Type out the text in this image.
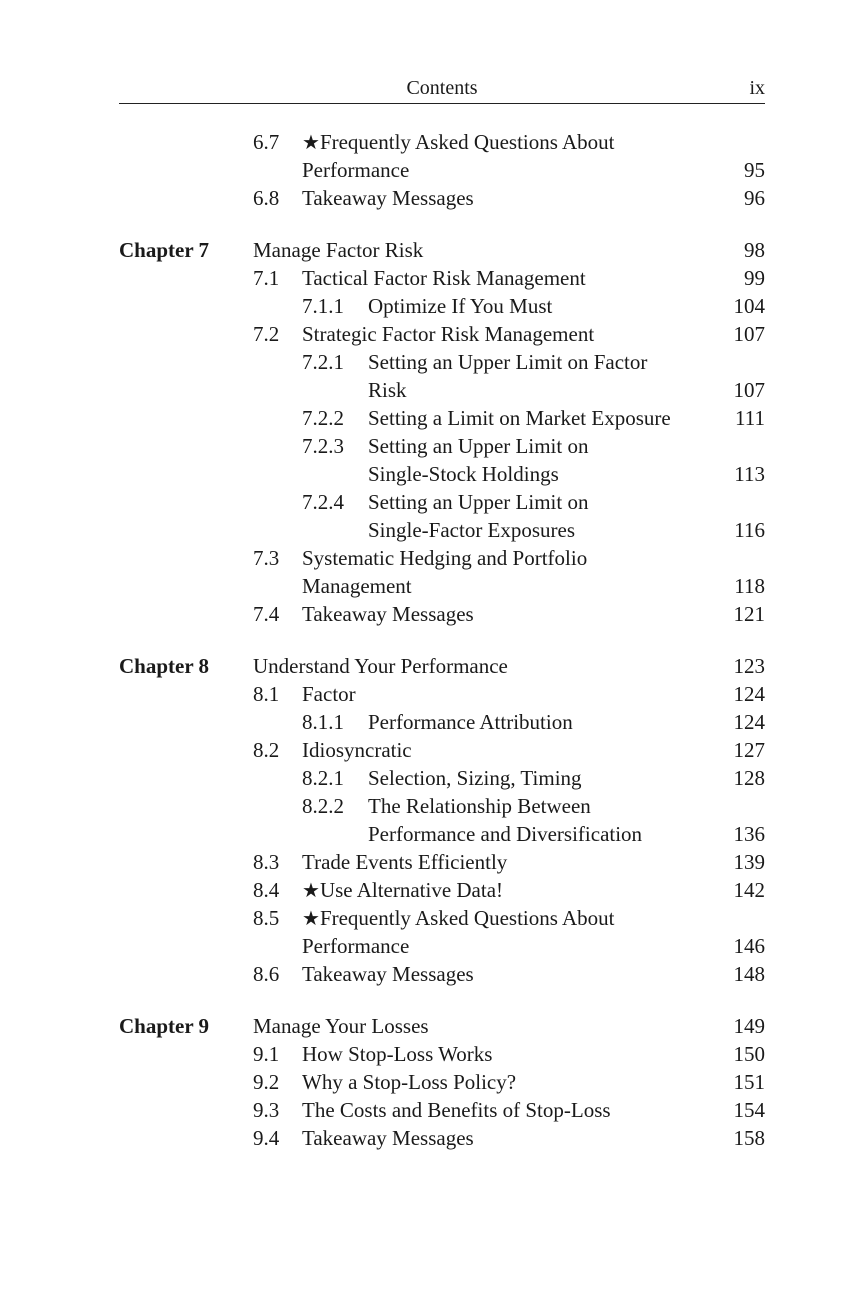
Contents	ix
6.7 ★Frequently Asked Questions About
Performance	95
6.8 Takeaway Messages	96
Chapter 7 Manage Factor Risk	98
7.1 Tactical Factor Risk Management	99
7.1.1 Optimize If You Must	104
7.2 Strategic Factor Risk Management	107
7.2.1 Setting an Upper Limit on Factor
Risk	107
7.2.2 Setting a Limit on Market Exposure	111
7.2.3 Setting an Upper Limit on
Single-Stock Holdings	113
7.2.4 Setting an Upper Limit on
Single-Factor Exposures	116
7.3 Systematic Hedging and Portfolio
Management	118
7.4 Takeaway Messages	121
Chapter 8 Understand Your Performance	123
8.1 Factor	124
8.1.1 Performance Attribution	124
8.2 Idiosyncratic	127
8.2.1 Selection, Sizing, Timing	128
8.2.2 The Relationship Between
Performance and Diversification	136
8.3 Trade Events Efficiently	139
8.4 ★Use Alternative Data!	142
8.5 ★Frequently Asked Questions About
Performance	146
8.6 Takeaway Messages	148
Chapter 9 Manage Your Losses	149
9.1 How Stop-Loss Works	150
9.2 Why a Stop-Loss Policy?	151
9.3 The Costs and Benefits of Stop-Loss	154
9.4 Takeaway Messages	158
